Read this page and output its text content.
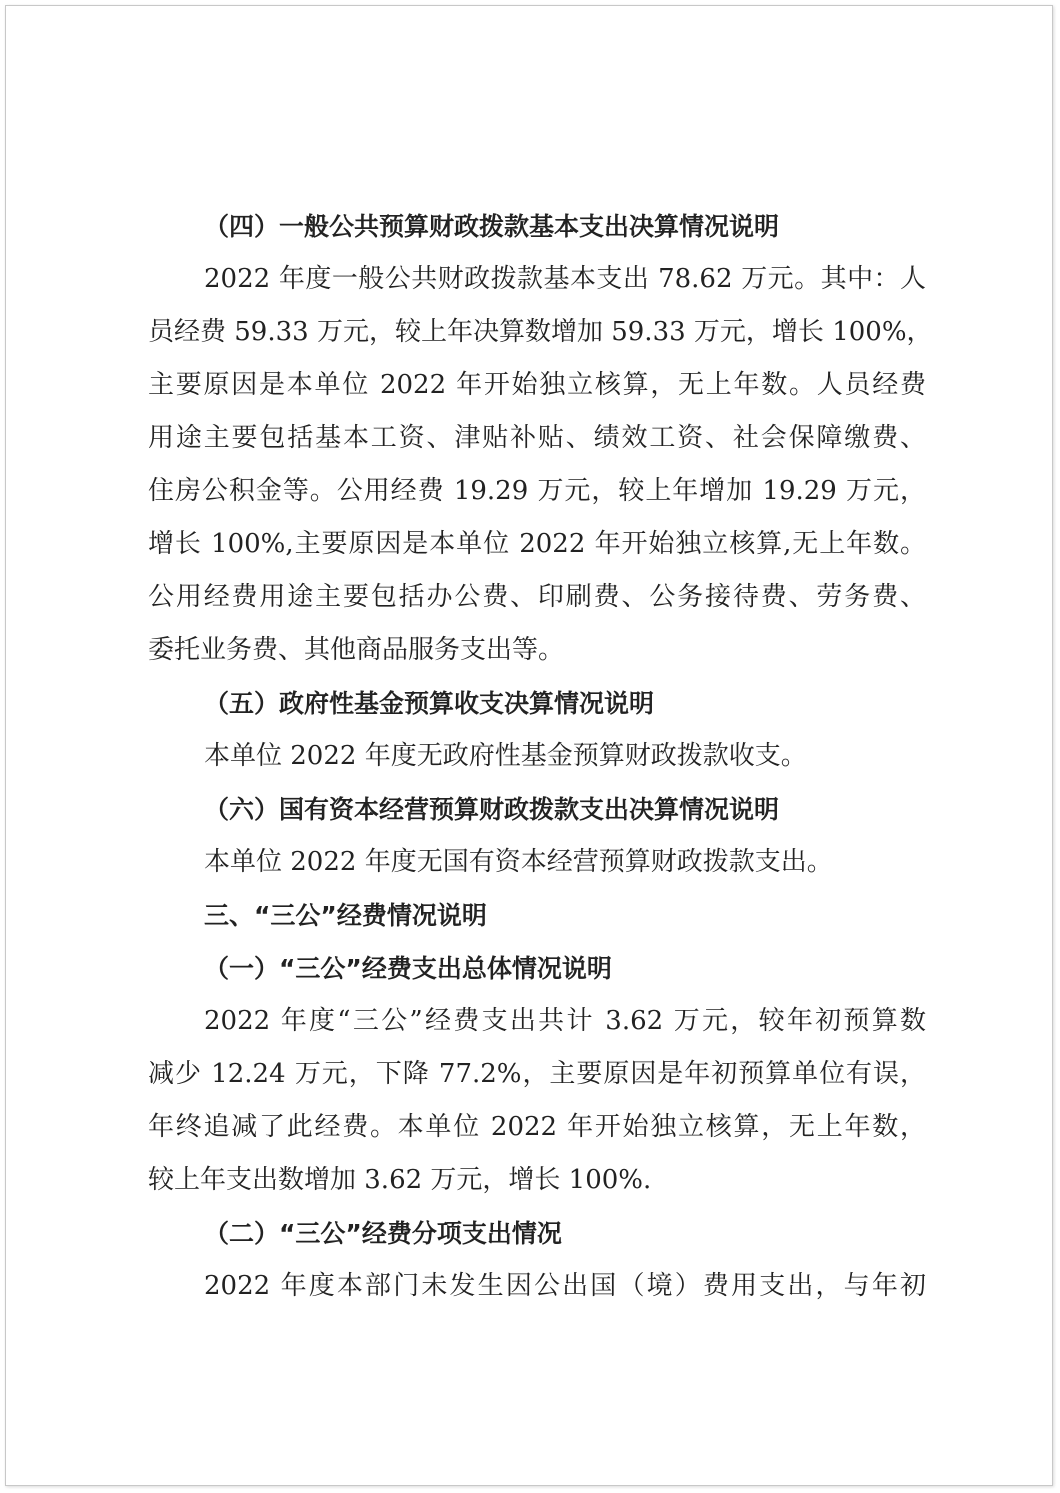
（四）一般公共预算财政拨款基本支出决算情况说明
2022 年度一般公共财政拨款基本支出 78.62 万元。其中：人
员经费 59.33 万元，较上年决算数增加 59.33 万元，增长 100%，
主要原因是本单位 2022 年开始独立核算，无上年数。人员经费
用途主要包括基本工资、津贴补贴、绩效工资、社会保障缴费、
住房公积金等。公用经费 19.29 万元，较上年增加 19.29 万元，
增长 100%,主要原因是本单位 2022 年开始独立核算,无上年数。
公用经费用途主要包括办公费、印刷费、公务接待费、劳务费、
委托业务费、其他商品服务支出等。
（五）政府性基金预算收支决算情况说明
本单位 2022 年度无政府性基金预算财政拨款收支。
（六）国有资本经营预算财政拨款支出决算情况说明
本单位 2022 年度无国有资本经营预算财政拨款支出。
三、“三公”经费情况说明
（一）“三公”经费支出总体情况说明
2022 年度“三公”经费支出共计 3.62 万元，较年初预算数
减少 12.24 万元，下降 77.2%，主要原因是年初预算单位有误，
年终追减了此经费。本单位 2022 年开始独立核算，无上年数，
较上年支出数增加 3.62 万元，增长 100%.
（二）“三公”经费分项支出情况
2022 年度本部门未发生因公出国（境）费用支出，与年初
